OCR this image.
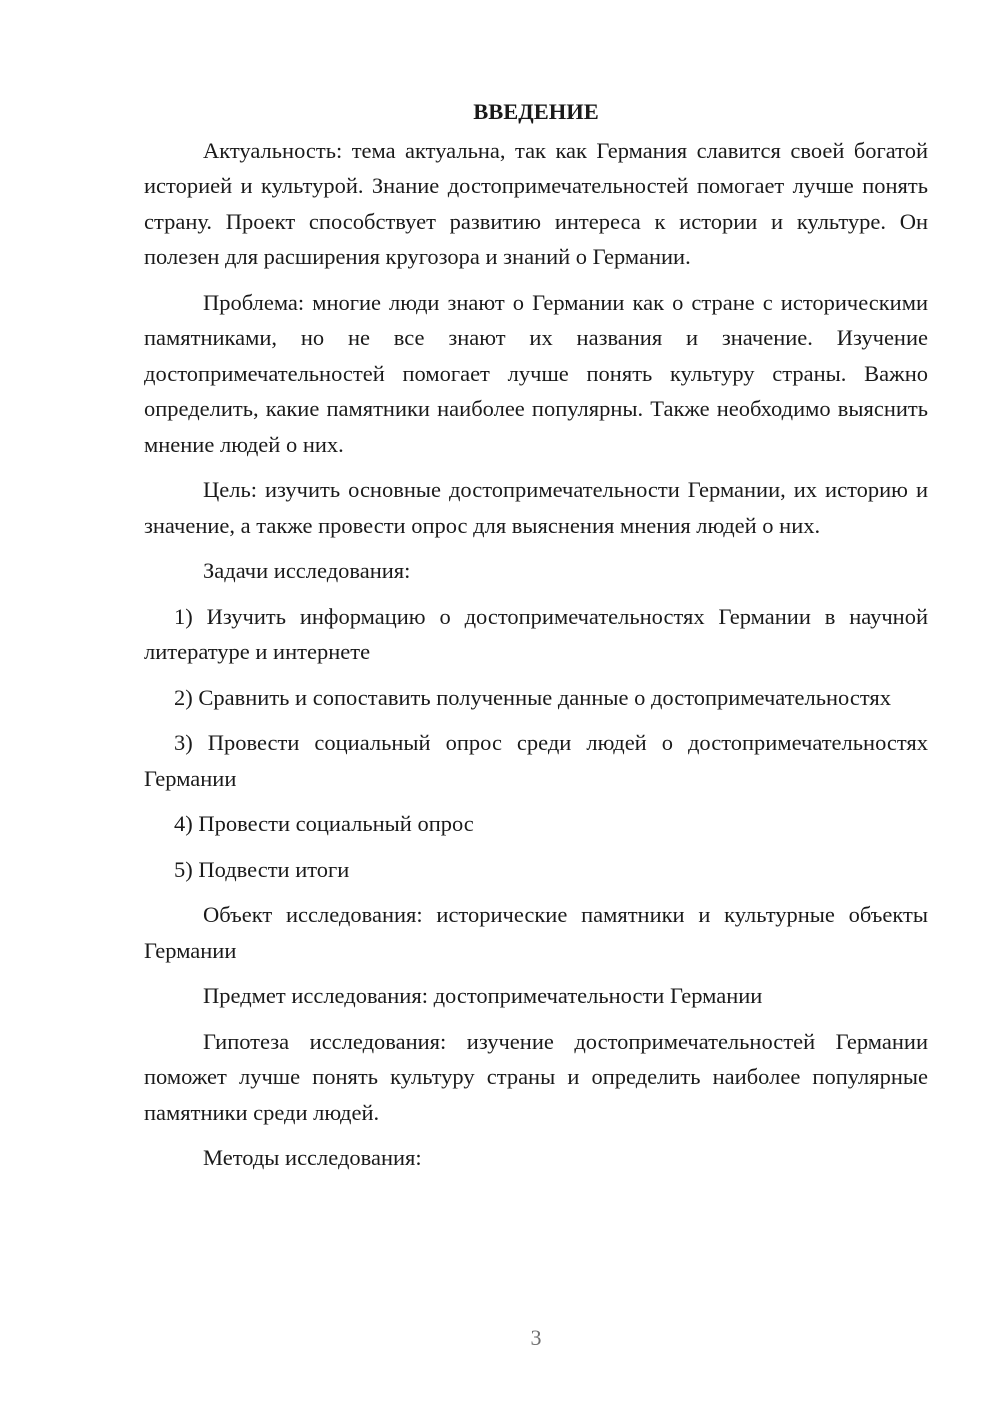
ВВЕДЕНИЕ

Актуальность: тема актуальна, так как Германия славится своей богатой историей и культурой. Знание достопримечательностей помогает лучше понять страну. Проект способствует развитию интереса к истории и культуре. Он полезен для расширения кругозора и знаний о Германии.

Проблема: многие люди знают о Германии как о стране с историческими памятниками, но не все знают их названия и значение. Изучение достопримечательностей помогает лучше понять культуру страны. Важно определить, какие памятники наиболее популярны. Также необходимо выяснить мнение людей о них.

Цель: изучить основные достопримечательности Германии, их историю и значение, а также провести опрос для выяснения мнения людей о них.

Задачи исследования:

1) Изучить информацию о достопримечательностях Германии в научной литературе и интернете

2) Сравнить и сопоставить полученные данные о достопримечательностях

3) Провести социальный опрос среди людей о достопримечательностях Германии

4) Провести социальный опрос

5) Подвести итоги

Объект исследования: исторические памятники и культурные объекты Германии

Предмет исследования: достопримечательности Германии

Гипотеза исследования: изучение достопримечательностей Германии поможет лучше понять культуру страны и определить наиболее популярные памятники среди людей.

Методы исследования:

3
